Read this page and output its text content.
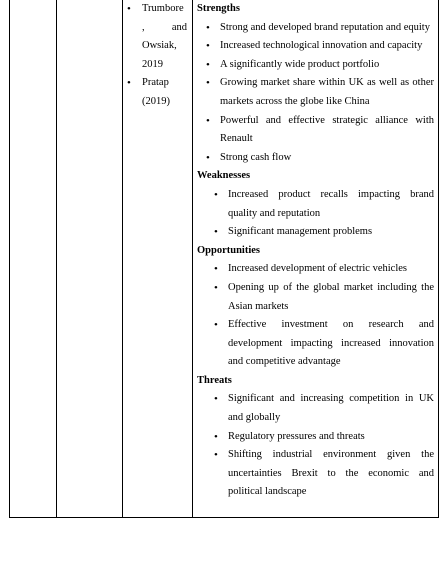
• Trumbore
,	and
Owsiak,
2019
• Pratap
(2019)
Strengths
• Strong and developed brand reputation and equity
• Increased technological innovation and capacity
• A significantly wide product portfolio
• Growing market share within UK as well as other markets across the globe like China
• Powerful and effective strategic alliance with Renault
• Strong cash flow
Weaknesses
• Increased product recalls impacting brand quality and reputation
• Significant management problems
Opportunities
• Increased development of electric vehicles
• Opening up of the global market including the Asian markets
• Effective investment on research and development impacting increased innovation and competitive advantage
Threats
• Significant and increasing competition in UK and globally
• Regulatory pressures and threats
• Shifting industrial environment given the uncertainties Brexit to the economic and political landscape
